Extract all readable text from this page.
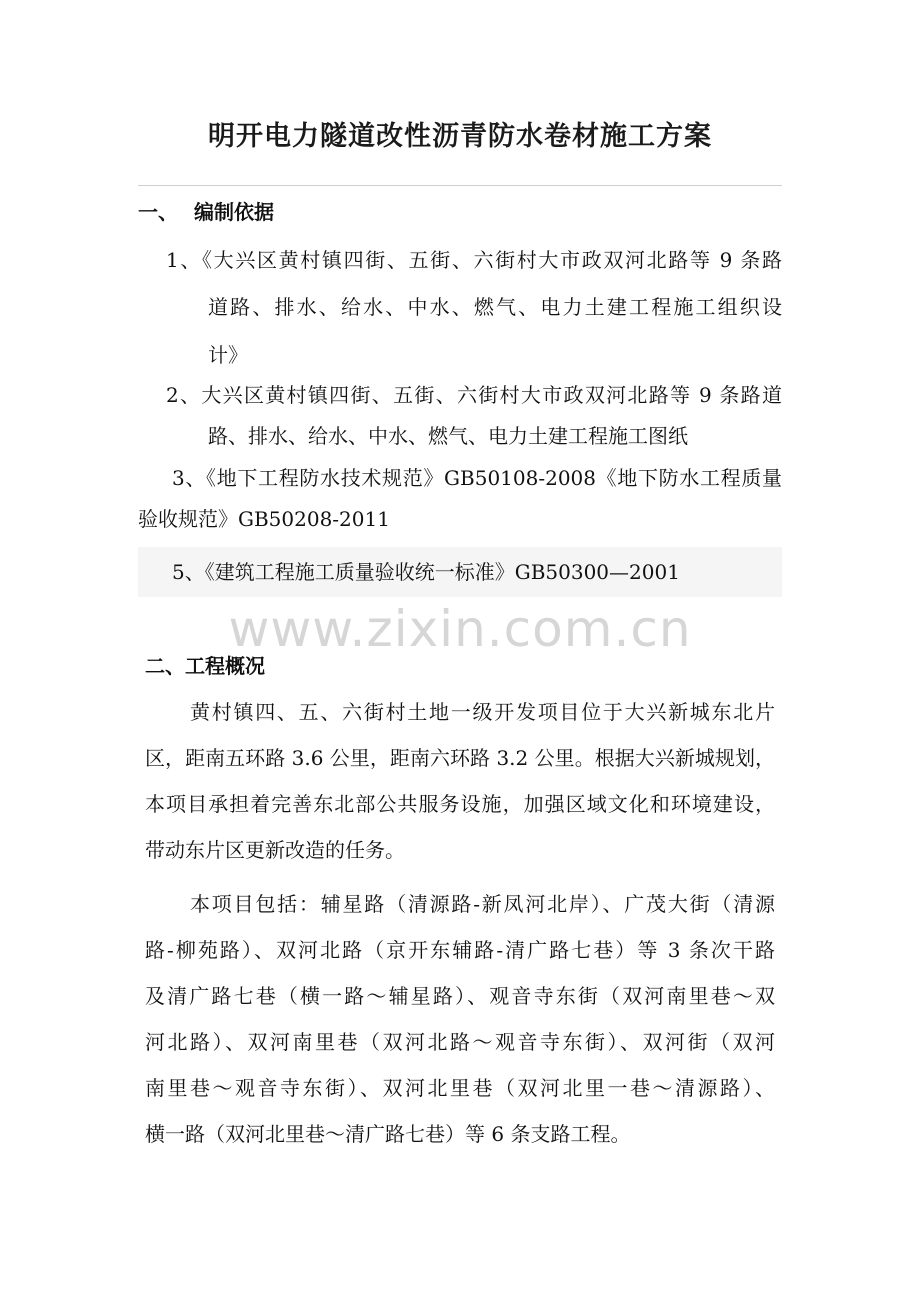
明开电力隧道改性沥青防水卷材施工方案
一、 编制依据
1、《大兴区黄村镇四街、五街、六街村大市政双河北路等 9 条路
道路、排水、给水、中水、燃气、电力土建工程施工组织设
计》
2、大兴区黄村镇四街、五街、六街村大市政双河北路等 9 条路道
路、排水、给水、中水、燃气、电力土建工程施工图纸
3、《地下工程防水技术规范》GB50108-2008《地下防水工程质量
验收规范》GB50208-2011
5、《建筑工程施工质量验收统一标准》GB50300—2001
www.zixin.com.cn
二、工程概况
黄村镇四、五、六街村土地一级开发项目位于大兴新城东北片
区，距南五环路 3.6 公里，距南六环路 3.2 公里。根据大兴新城规划，
本项目承担着完善东北部公共服务设施，加强区域文化和环境建设，
带动东片区更新改造的任务。
本项目包括：辅星路（清源路-新凤河北岸）、广茂大街（清源
路-柳苑路）、双河北路（京开东辅路-清广路七巷）等 3 条次干路
及清广路七巷（横一路～辅星路）、观音寺东街（双河南里巷～双
河北路）、双河南里巷（双河北路～观音寺东街）、双河街（双河
南里巷～观音寺东街）、双河北里巷（双河北里一巷～清源路）、
横一路（双河北里巷～清广路七巷）等 6 条支路工程。
